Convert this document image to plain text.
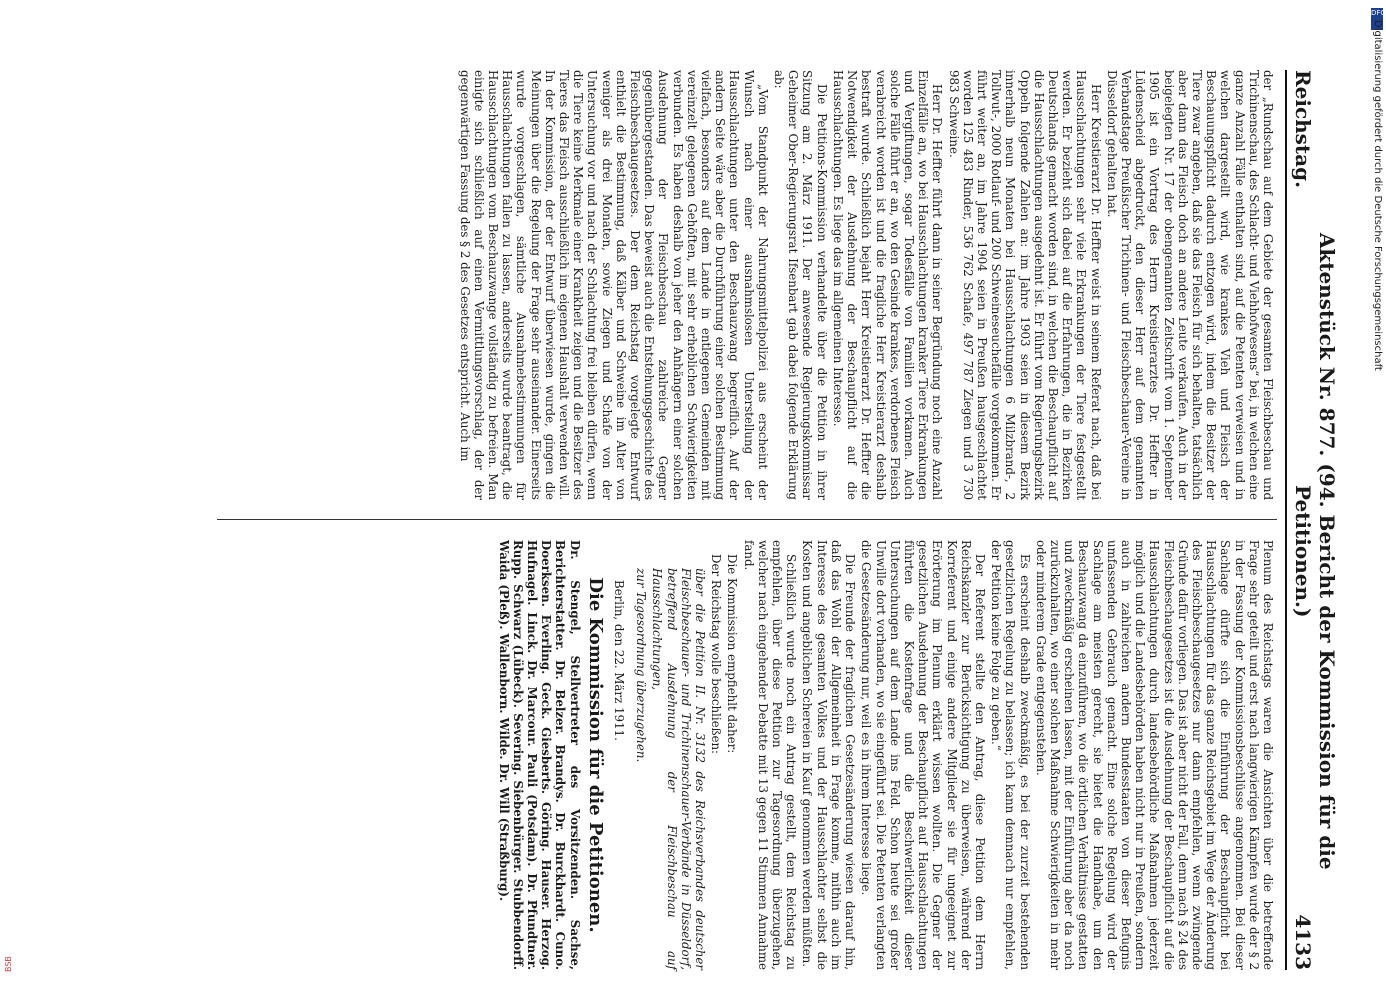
Reichstag.
Aktenstück Nr. 877. (94. Bericht der Kommission für die Petitionen.)
4133

der „Rundschau auf dem Gebiete der gesamten Fleischbeschau und Trichinenschau, des Schlacht- und Viehhofwesens“ bei, in welchen eine ganze Anzahl Fälle enthalten sind, auf die Petenten verweisen und in welchen dargestellt wird, wie krankes Vieh und Fleisch der Beschauungspflicht dadurch entzogen wird, indem die Besitzer der Tiere zwar angeben, daß sie das Fleisch für sich behalten, tatsächlich aber dann das Fleisch doch an andere Leute verkaufen. Auch in der beigelegten Nr. 17 der obengenannten Zeitschrift vom 1. September 1905 ist ein Vortrag des Herrn Kreistierarztes Dr. Heffter in Lüdenscheid abgedruckt, den dieser Herr auf dem genannten Verbandstage Preußischer Trichinen- und Fleischbeschauer-Vereine in Düsseldorf gehalten hat.

Herr Kreistierarzt Dr. Heffter weist in seinem Referat nach, daß bei Hausschlachtungen sehr viele Erkrankungen der Tiere festgestellt werden. Er bezieht sich dabei auf die Erfahrungen, die in Bezirken Deutschlands gemacht worden sind, in welchen die Beschaupflicht auf die Hausschlachtungen ausgedehnt ist. Er führt vom Regierungsbezirk Oppeln folgende Zahlen an: im Jahre 1903 seien in diesem Bezirk innerhalb neun Monaten bei Hausschlachtungen 6 Milzbrand-, 2 Tollwut-, 2000 Rotlauf- und 200 Schweineseuchefälle vorgekommen. Er führt weiter an, im Jahre 1904 seien in Preußen hausgeschlachtet worden 125 483 Rinder, 536 762 Schafe, 497 787 Ziegen und 3 730 983 Schweine.

Herr Dr. Heffter führt dann in seiner Begründung noch eine Anzahl Einzelfälle an, wo bei Hausschlachtungen kranker Tiere Erkrankungen und Vergiftungen, sogar Todesfälle von Familien vorkamen. Auch solche Fälle führt er an, wo den Gesinde krankes, verdorbenes Fleisch verabreicht worden ist und die fragliche Herr Kreistierarzt deshalb bestraft wurde. Schließlich bejaht Herr Kreistierarzt Dr. Heffter die Notwendigkeit der Ausdehnung der Beschaupflicht auf die Hausschlachtungen. Es liege das im allgemeinen Interesse.

Die Petitions-Kommission verhandelte über die Petition in ihrer Sitzung am 2. März 1911. Der anwesende Regierungskommissar Geheimer Ober-Regierungsrat Ifsenbart gab dabei folgende Erklärung ab:

„Vom Standpunkt der Nahrungsmittelpolizei aus erscheint der Wunsch nach einer ausnahmslosen Unterstellung der Hausschlachtungen unter den Beschauzwang begreiflich. Auf der andern Seite wäre aber die Durchführung einer solchen Bestimmung vielfach, besonders auf dem Lande in entlegenen Gemeinden mit vereinzelt gelegenen Gehöften, mit sehr erheblichen Schwierigkeiten verbunden. Es haben deshalb von jeher den Anhängern einer solchen Ausdehnung der Fleischbeschau zahlreiche Gegner gegenübergestanden. Das beweist auch die Entstehungsgeschichte des Fleischbeschaugesetzes. Der dem Reichstag vorgelegte Entwurf enthielt die Bestimmung, daß Kälber und Schweine im Alter von weniger als drei Monaten, sowie Ziegen und Schafe von der Untersuchung vor und nach der Schlachtung frei bleiben dürfen, wenn die Tiere keine Merkmale einer Krankheit zeigen und die Besitzer des Tieres das Fleisch ausschließlich im eigenen Haushalt verwenden will. In der Kommission, der der Entwurf überwiesen wurde, gingen die Meinungen über die Regelung der Frage sehr auseinander. Einerseits wurde vorgeschlagen, sämtliche Ausnahmebestimmungen für Hausschlachtungen fallen zu lassen, anderseits wurde beantragt, die Hausschlachtungen vom Beschauzwange vollständig zu befreien. Man einigte sich schließlich auf einen Vermittlungsvorschlag, der der gegenwärtigen Fassung des § 2 des Gesetzes entspricht. Auch im

Plenum des Reichstags waren die Ansichten über die betreffende Frage sehr geteilt und erst nach langwierigen Kämpfen wurde der § 2 in der Fassung der Kommissionsbeschlüsse angenommen. Bei dieser Sachlage dürfte sich die Einführung der Beschaupflicht bei Hausschlachtungen für das ganze Reichsgebiet im Wege der Änderung des Fleischbeschaugesetzes nur dann empfehlen, wenn zwingende Gründe dafür vorliegen. Das ist aber nicht der Fall, denn nach § 24 des Fleischbeschaugesetzes ist die Ausdehnung der Beschaupflicht auf die Hausschlachtungen durch landesbehördliche Maßnahmen jederzeit möglich und die Landesbehörden haben nicht nur in Preußen, sondern auch in zahlreichen andern Bundesstaaten von dieser Befugnis umfassenden Gebrauch gemacht. Eine solche Regelung wird der Sachlage am meisten gerecht, sie bietet die Handhabe, um den Beschauzwang da einzuführen, wo die örtlichen Verhältnisse gestatten und zweckmäßig erscheinen lassen, mit der Einführung aber da noch zurückzuhalten, wo einer solchen Maßnahme Schwierigkeiten in mehr oder minderem Grade entgegenstehen.

Es erscheint deshalb zweckmäßig, es bei der zurzeit bestehenden gesetzlichen Regelung zu belassen; ich kann demnach nur empfehlen, der Petition keine Folge zu geben.“

Der Referent stellte den Antrag, diese Petition dem Herrn Reichskanzler zur Berücksichtigung zu überweisen, während der Korreferent und einige andere Mitglieder sie für ungeeignet zur Erörterung im Plenum erklärt wissen wollten. Die Gegner der gesetzlichen Ausdehnung der Beschaupflicht auf Hausschlachtungen führten die Kostenfrage und die Beschwerlichkeit dieser Untersuchungen auf dem Lande ins Feld. Schon heute sei großer Unwille dort vorhanden, wo sie eingeführt sei. Die Petenten verlangten die Gesetzesänderung nur, weil es in ihrem Interesse liege.

Die Freunde der fraglichen Gesetzesänderung wiesen darauf hin, daß das Wohl der Allgemeinheit in Frage komme, mithin auch im Interesse des gesamten Volkes und der Hausschlachter selbst die Kosten und angeblichen Schereien in Kauf genommen werden müßten.

Schließlich wurde noch ein Antrag gestellt, dem Reichstag zu empfehlen, über diese Petition zur Tagesordnung überzugehen, welcher nach eingehender Debatte mit 13 gegen 11 Stimmen Annahme fand.

Die Kommission empfiehlt daher:

Der Reichstag wolle beschließen:

über die Petition II. Nr. 3132 des Reichsverbandes deutscher Fleischbeschauer- und Trichinenschauer-Verbände in Düsseldorf, betreffend Ausdehnung der Fleischbeschau auf Hausschlachtungen,

zur Tagesordnung überzugehen.

Berlin, den 22. März 1911.

Die Kommission für die Petitionen.

Dr. Stengel, Stellvertreter des Vorsitzenden. Sachse, Berichterstatter. Dr. Belzer. Brandys. Dr. Burckhardt. Cuno. Doerksen. Everling. Geck. Giesberts. Göring. Hauser. Herzog. Hufnagel. Linck. Dr. Marcour. Pauli (Potsdam). Dr. Pfundtner. Rupp. Schwarz (Lübeck). Severing. Siebenbürger. Stubbendorff. Waida (Pleß). Wallenborn. Wilde. Dr. Will (Straßburg).

DFG
Digitalisierung gefördert durch die Deutsche Forschungsgemeinschaft
BSB
